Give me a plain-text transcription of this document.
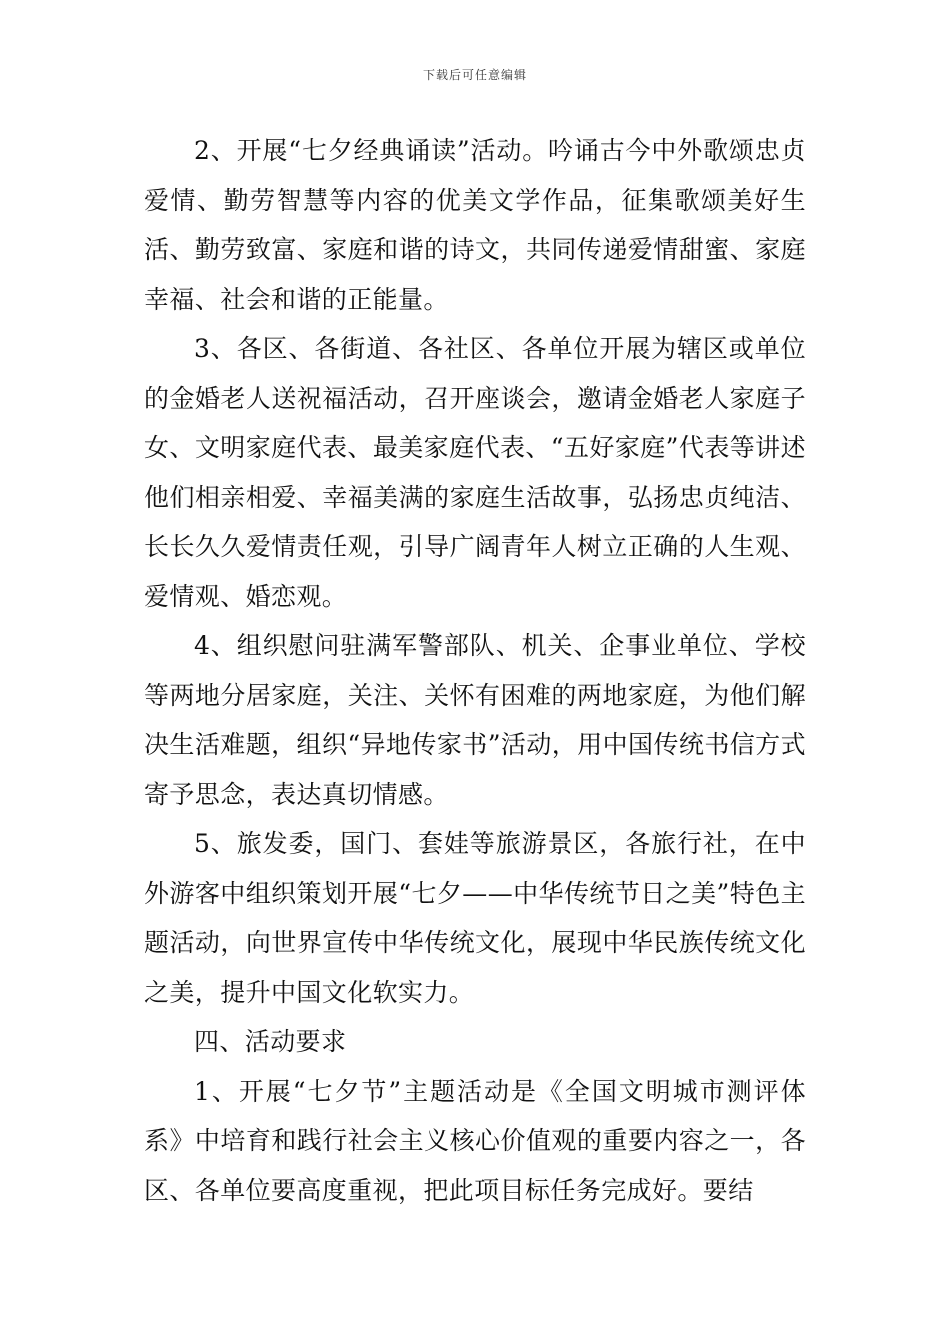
下载后可任意编辑

2、开展“七夕经典诵读”活动。吟诵古今中外歌颂忠贞爱情、勤劳智慧等内容的优美文学作品，征集歌颂美好生活、勤劳致富、家庭和谐的诗文，共同传递爱情甜蜜、家庭幸福、社会和谐的正能量。

3、各区、各街道、各社区、各单位开展为辖区或单位的金婚老人送祝福活动，召开座谈会，邀请金婚老人家庭子女、文明家庭代表、最美家庭代表、“五好家庭”代表等讲述他们相亲相爱、幸福美满的家庭生活故事，弘扬忠贞纯洁、长长久久爱情责任观，引导广阔青年人树立正确的人生观、爱情观、婚恋观。

4、组织慰问驻满军警部队、机关、企事业单位、学校等两地分居家庭，关注、关怀有困难的两地家庭，为他们解决生活难题，组织“异地传家书”活动，用中国传统书信方式寄予思念，表达真切情感。

5、旅发委，国门、套娃等旅游景区，各旅行社，在中外游客中组织策划开展“七夕——中华传统节日之美”特色主题活动，向世界宣传中华传统文化，展现中华民族传统文化之美，提升中国文化软实力。

四、活动要求

1、开展“七夕节”主题活动是《全国文明城市测评体系》中培育和践行社会主义核心价值观的重要内容之一，各区、各单位要高度重视，把此项目标任务完成好。要结
